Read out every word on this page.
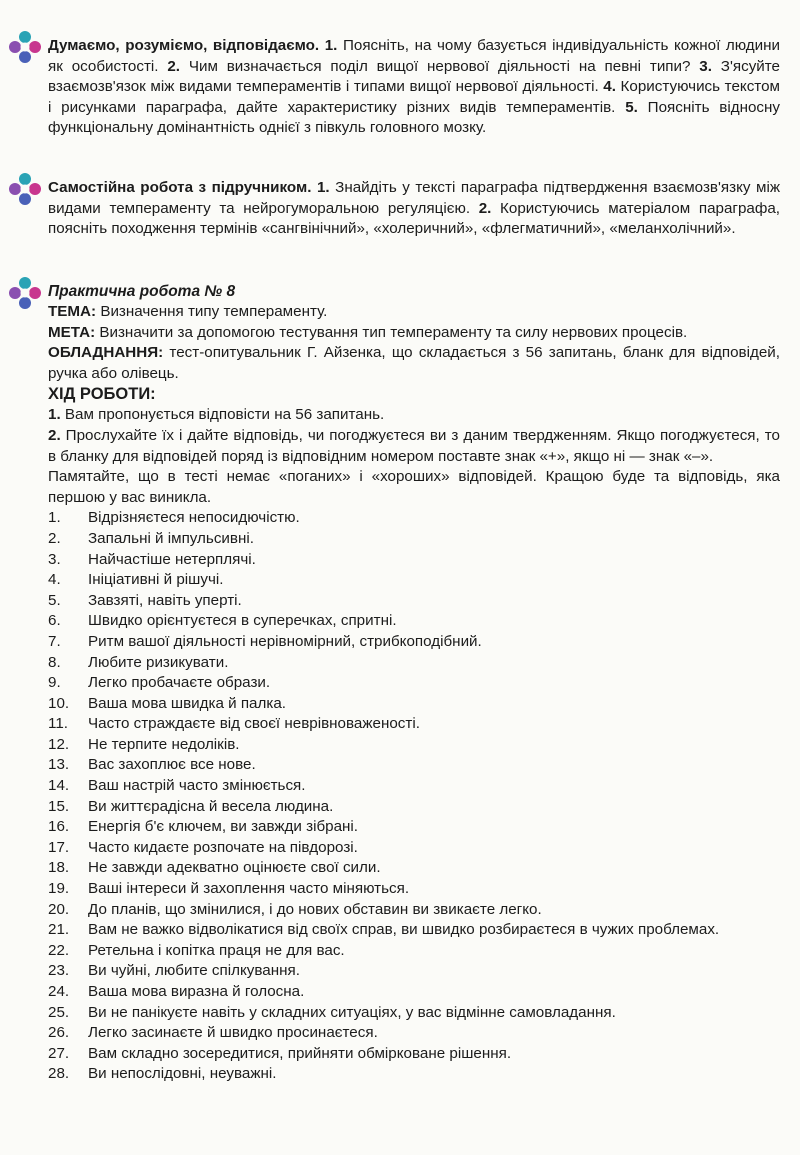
Думаємо, розуміємо, відповідаємо. 1. Поясніть, на чому базується індивідуальність кожної людини як особистості. 2. Чим визначається поділ вищої нервової діяльності на певні типи? 3. З'ясуйте взаємозв'язок між видами темпераментів і типами вищої нервової діяльності. 4. Користуючись текстом і рисунками параграфа, дайте характеристику різних видів темпераментів. 5. Поясніть відносну функціональну домінантність однієї з півкуль головного мозку.

Самостійна робота з підручником. 1. Знайдіть у тексті параграфа підтвердження взаємозв'язку між видами темпераменту та нейрогуморальною регуляцією. 2. Користуючись матеріалом параграфа, поясніть походження термінів «сангвінічний», «холеричний», «флегматичний», «меланхолічний».

Практична робота № 8

ТЕМА: Визначення типу темпераменту.

МЕТА: Визначити за допомогою тестування тип темпераменту та силу нервових процесів.

ОБЛАДНАННЯ: тест-опитувальник Г. Айзенка, що складається з 56 запитань, бланк для відповідей, ручка або олівець.

ХІД РОБОТИ:

1. Вам пропонується відповісти на 56 запитань.

2. Прослухайте їх і дайте відповідь, чи погоджуєтеся ви з даним твердженням. Якщо погоджуєтеся, то в бланку для відповідей поряд із відповідним номером поставте знак «+», якщо ні — знак «–».

Памятайте, що в тесті немає «поганих» і «хороших» відповідей. Кращою буде та відповідь, яка першою у вас виникла.

1.	Відрізняєтеся непосидючістю.
2.	Запальні й імпульсивні.
3.	Найчастіше нетерплячі.
4.	Ініціативні й рішучі.
5.	Завзяті, навіть уперті.
6.	Швидко орієнтуєтеся в суперечках, спритні.
7.	Ритм вашої діяльності нерівномірний, стрибкоподібний.
8.	Любите ризикувати.
9.	Легко пробачаєте образи.
10.	Ваша мова швидка й палка.
11.	Часто страждаєте від своєї неврівноваженості.
12.	Не терпите недоліків.
13.	Вас захоплює все нове.
14.	Ваш настрій часто змінюється.
15.	Ви життєрадісна й весела людина.
16.	Енергія б'є ключем, ви завжди зібрані.
17.	Часто кидаєте розпочате на півдорозі.
18.	Не завжди адекватно оцінюєте свої сили.
19.	Ваші інтереси й захоплення часто міняються.
20.	До планів, що змінилися, і до нових обставин ви звикаєте легко.
21.	Вам не важко відволікатися від своїх справ, ви швидко розбираєтеся в чужих проблемах.
22.	Ретельна і копітка праця не для вас.
23.	Ви чуйні, любите спілкування.
24.	Ваша мова виразна й голосна.
25.	Ви не панікуєте навіть у складних ситуаціях, у вас відмінне самовладання.
26.	Легко засинаєте й швидко просинаєтеся.
27.	Вам складно зосередитися, прийняти обмірковане рішення.
28.	Ви непослідовні, неуважні.
